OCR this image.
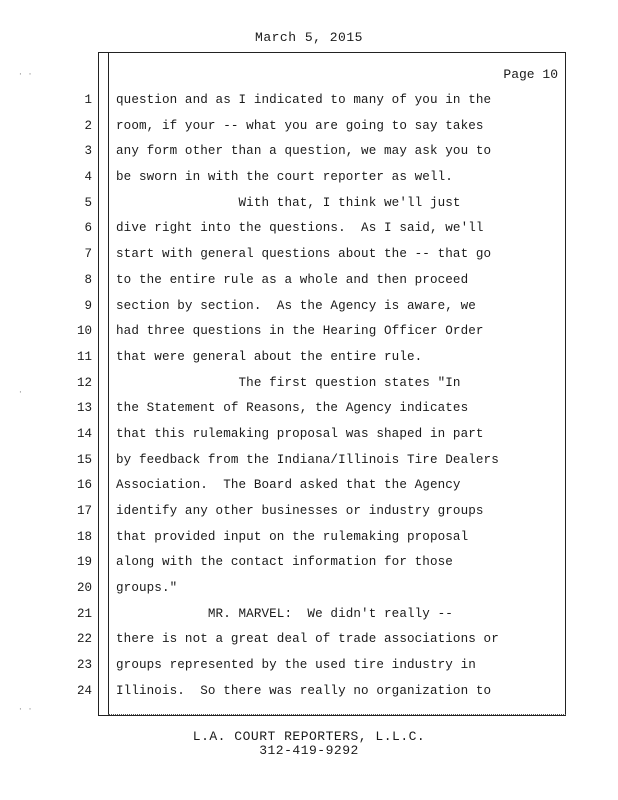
March 5, 2015
Page 10
1
2
3
4
5
6
7
8
9
10
11
12
13
14
15
16
17
18
19
20
21
22
23
24
question and as I indicated to many of you in the
room, if your -- what you are going to say takes
any form other than a question, we may ask you to
be sworn in with the court reporter as well.
With that, I think we'll just
dive right into the questions.  As I said, we'll
start with general questions about the -- that go
to the entire rule as a whole and then proceed
section by section.  As the Agency is aware, we
had three questions in the Hearing Officer Order
that were general about the entire rule.
The first question states "In
the Statement of Reasons, the Agency indicates
that this rulemaking proposal was shaped in part
by feedback from the Indiana/Illinois Tire Dealers
Association.  The Board asked that the Agency
identify any other businesses or industry groups
that provided input on the rulemaking proposal
along with the contact information for those
groups."
MR. MARVEL:  We didn't really --
there is not a great deal of trade associations or
groups represented by the used tire industry in
Illinois.  So there was really no organization to
L.A. COURT REPORTERS, L.L.C.
312-419-9292
· ·
·
· ·
